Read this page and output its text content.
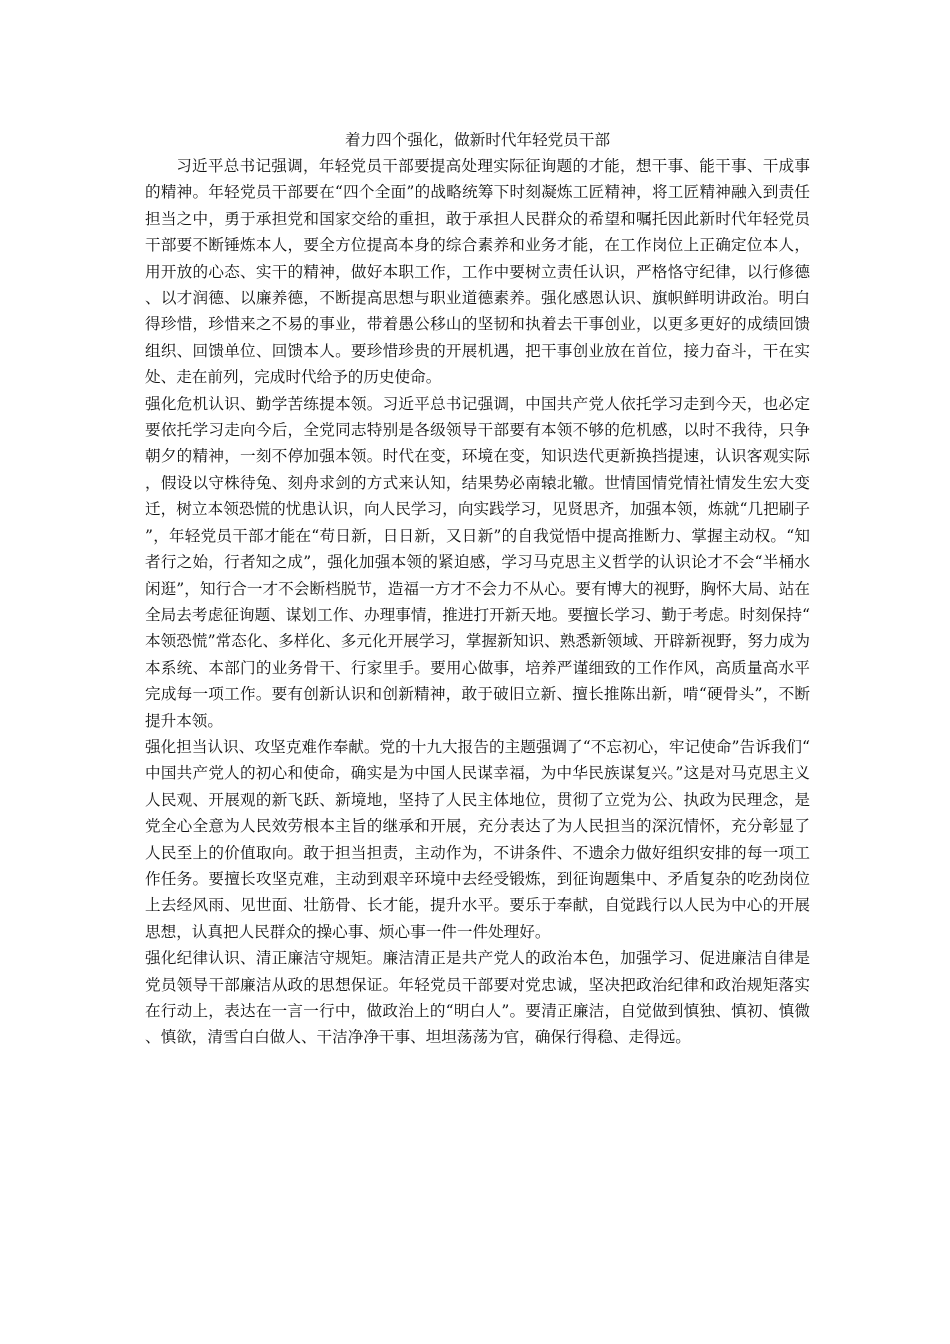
着力四个强化，做新时代年轻党员干部

习近平总书记强调，年轻党员干部要提高处理实际征询题的才能，想干事、能干事、干成事的精神。年轻党员干部要在“四个全面”的战略统筹下时刻凝炼工匠精神，将工匠精神融入到责任担当之中，勇于承担党和国家交给的重担，敢于承担人民群众的希望和嘱托因此新时代年轻党员干部要不断锤炼本人，要全方位提高本身的综合素养和业务才能，在工作岗位上正确定位本人，用开放的心态、实干的精神，做好本职工作，工作中要树立责任认识，严格恪守纪律，以行修德、以才润德、以廉养德，不断提高思想与职业道德素养。强化感恩认识、旗帜鲜明讲政治。明白得珍惜，珍惜来之不易的事业，带着愚公移山的坚韧和执着去干事创业，以更多更好的成绩回馈组织、回馈单位、回馈本人。要珍惜珍贵的开展机遇，把干事创业放在首位，接力奋斗，干在实处、走在前列，完成时代给予的历史使命。

强化危机认识、勤学苦练提本领。习近平总书记强调，中国共产党人依托学习走到今天，也必定要依托学习走向今后，全党同志特别是各级领导干部要有本领不够的危机感，以时不我待，只争朝夕的精神，一刻不停加强本领。时代在变，环境在变，知识迭代更新换挡提速，认识客观实际，假设以守株待兔、刻舟求剑的方式来认知，结果势必南辕北辙。世情国情党情社情发生宏大变迁，树立本领恐慌的忧患认识，向人民学习，向实践学习，见贤思齐，加强本领，炼就“几把刷子”，年轻党员干部才能在“苟日新，日日新，又日新”的自我觉悟中提高推断力、掌握主动权。“知者行之始，行者知之成”，强化加强本领的紧迫感，学习马克思主义哲学的认识论才不会“半桶水闲逛”，知行合一才不会断档脱节，造福一方才不会力不从心。要有博大的视野，胸怀大局、站在全局去考虑征询题、谋划工作、办理事情，推进打开新天地。要擅长学习、勤于考虑。时刻保持“本领恐慌”常态化、多样化、多元化开展学习，掌握新知识、熟悉新领域、开辟新视野，努力成为本系统、本部门的业务骨干、行家里手。要用心做事，培养严谨细致的工作作风，高质量高水平完成每一项工作。要有创新认识和创新精神，敢于破旧立新、擅长推陈出新，啃“硬骨头”，不断提升本领。

强化担当认识、攻坚克难作奉献。党的十九大报告的主题强调了“不忘初心，牢记使命”告诉我们“中国共产党人的初心和使命，确实是为中国人民谋幸福，为中华民族谋复兴。”这是对马克思主义人民观、开展观的新飞跃、新境地，坚持了人民主体地位，贯彻了立党为公、执政为民理念，是党全心全意为人民效劳根本主旨的继承和开展，充分表达了为人民担当的深沉情怀，充分彰显了人民至上的价值取向。敢于担当担责，主动作为，不讲条件、不遗余力做好组织安排的每一项工作任务。要擅长攻坚克难，主动到艰辛环境中去经受锻炼，到征询题集中、矛盾复杂的吃劲岗位上去经风雨、见世面、壮筋骨、长才能，提升水平。要乐于奉献，自觉践行以人民为中心的开展思想，认真把人民群众的操心事、烦心事一件一件处理好。

强化纪律认识、清正廉洁守规矩。廉洁清正是共产党人的政治本色，加强学习、促进廉洁自律是党员领导干部廉洁从政的思想保证。年轻党员干部要对党忠诚，坚决把政治纪律和政治规矩落实在行动上，表达在一言一行中，做政治上的“明白人”。要清正廉洁，自觉做到慎独、慎初、慎微、慎欲，清雪白白做人、干洁净净干事、坦坦荡荡为官，确保行得稳、走得远。
